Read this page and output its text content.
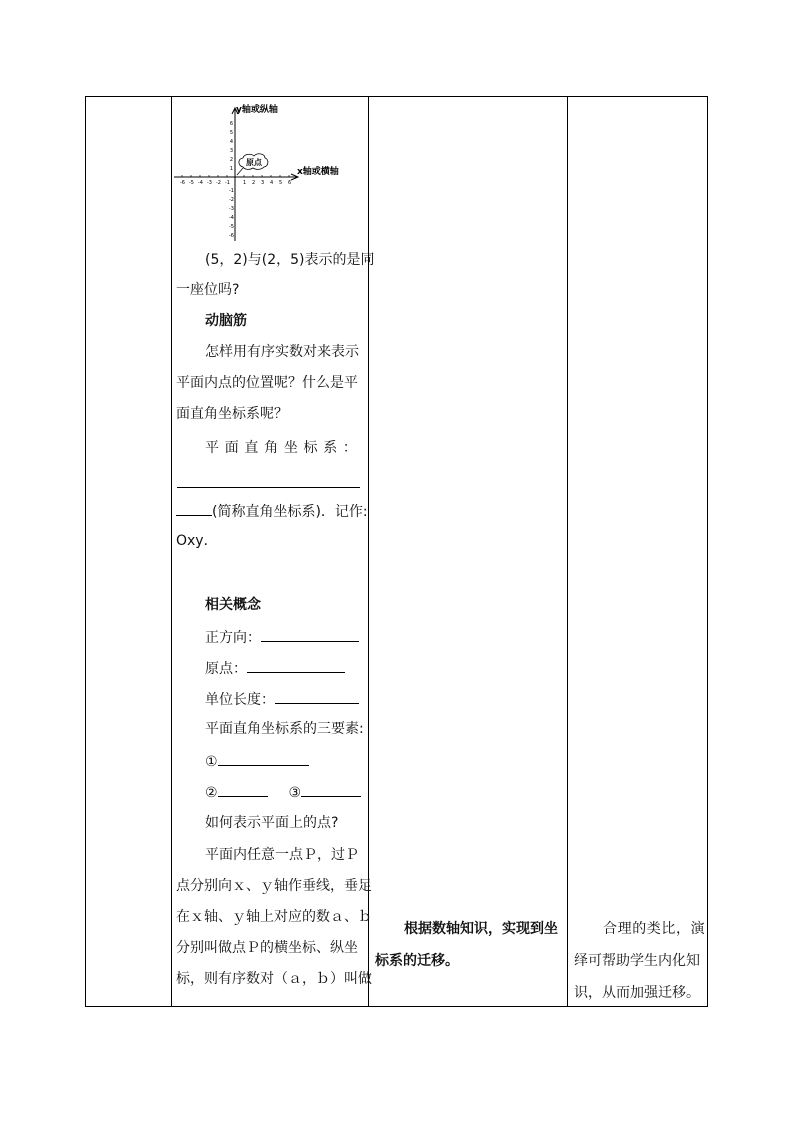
-6 -5 -4 -3 -2 -1	1 2 3 4 5 6
6
5
4
3
2
1
-1
-2
-3
-4
-5
-6
y轴或纵轴
x轴或横轴
原点
(5，2)与(2，5)表示的是同
一座位吗?
动脑筋
怎样用有序实数对来表示
平面内点的位置呢？什么是平
面直角坐标系呢？
平 面 直 角 坐 标 系 ：
(简称直角坐标系)．记作:
Oxy．
相关概念
正方向：
原点：
单位长度：
平面直角坐标系的三要素:
①
②	③
如何表示平面上的点?
平面内任意一点Ｐ，过Ｐ
点分别向ｘ、ｙ轴作垂线，垂足
在ｘ轴、ｙ轴上对应的数ａ、ｂ
分别叫做点Ｐ的横坐标、纵坐
标，则有序数对（ａ，ｂ）叫做
根据数轴知识，实现到坐
标系的迁移。
合理的类比，演
绎可帮助学生内化知
识，从而加强迁移。
